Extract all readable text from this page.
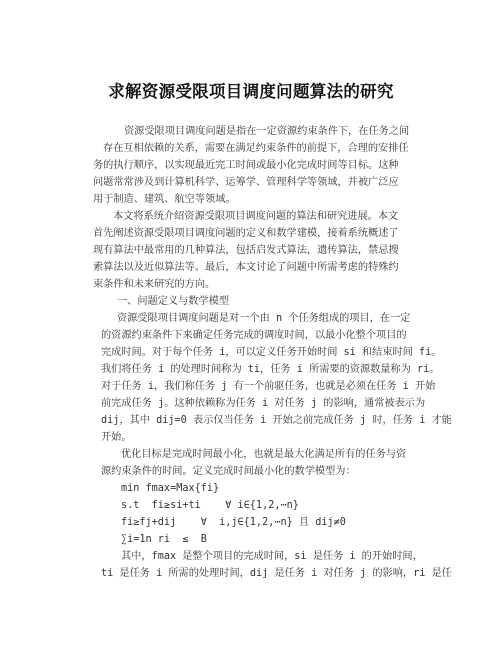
求解资源受限项目调度问题算法的研究
资源受限项目调度问题是指在一定资源约束条件下，在任务之间
存在互相依赖的关系，需要在满足约束条件的前提下，合理的安排任
务的执行顺序，以实现最近完工时间或最小化完成时间等目标。这种
问题常常涉及到计算机科学、运筹学、管理科学等领域，并被广泛应
用于制造、建筑、航空等领域。
本文将系统介绍资源受限项目调度问题的算法和研究进展。本文
首先阐述资源受限项目调度问题的定义和数学建模，接着系统概述了
现有算法中最常用的几种算法，包括启发式算法，遗传算法，禁忌搜
索算法以及近似算法等。最后，本文讨论了问题中所需考虑的特殊约
束条件和未来研究的方向。
一、问题定义与数学模型
资源受限项目调度问题是对一个由 n 个任务组成的项目，在一定
的资源约束条件下来确定任务完成的调度时间，以最小化整个项目的
完成时间。对于每个任务 i，可以定义任务开始时间 si 和结束时间 fi。
我们将任务 i 的处理时间称为 ti，任务 i 所需要的资源数量称为 ri。
对于任务 i，我们称任务 j 有一个前驱任务，也就是必须在任务 i 开始
前完成任务 j。这种依赖称为任务 i 对任务 j 的影响，通常被表示为
dij，其中 dij=0 表示仅当任务 i 开始之前完成任务 j 时，任务 i 才能
开始。
优化目标是完成时间最小化，也就是最大化满足所有的任务与资
源约束条件的时间。定义完成时间最小化的数学模型为：
min fmax=Max{fi}
s.t  fi≥si+ti    ∀ i∈{1,2,⋯n}
fi≥fj+dij    ∀  i,j∈{1,2,⋯n} 且 dij≠0
∑i=1n ri  ≤  B
其中，fmax 是整个项目的完成时间，si 是任务 i 的开始时间，
ti 是任务 i 所需的处理时间，dij 是任务 i 对任务 j 的影响，ri 是任
